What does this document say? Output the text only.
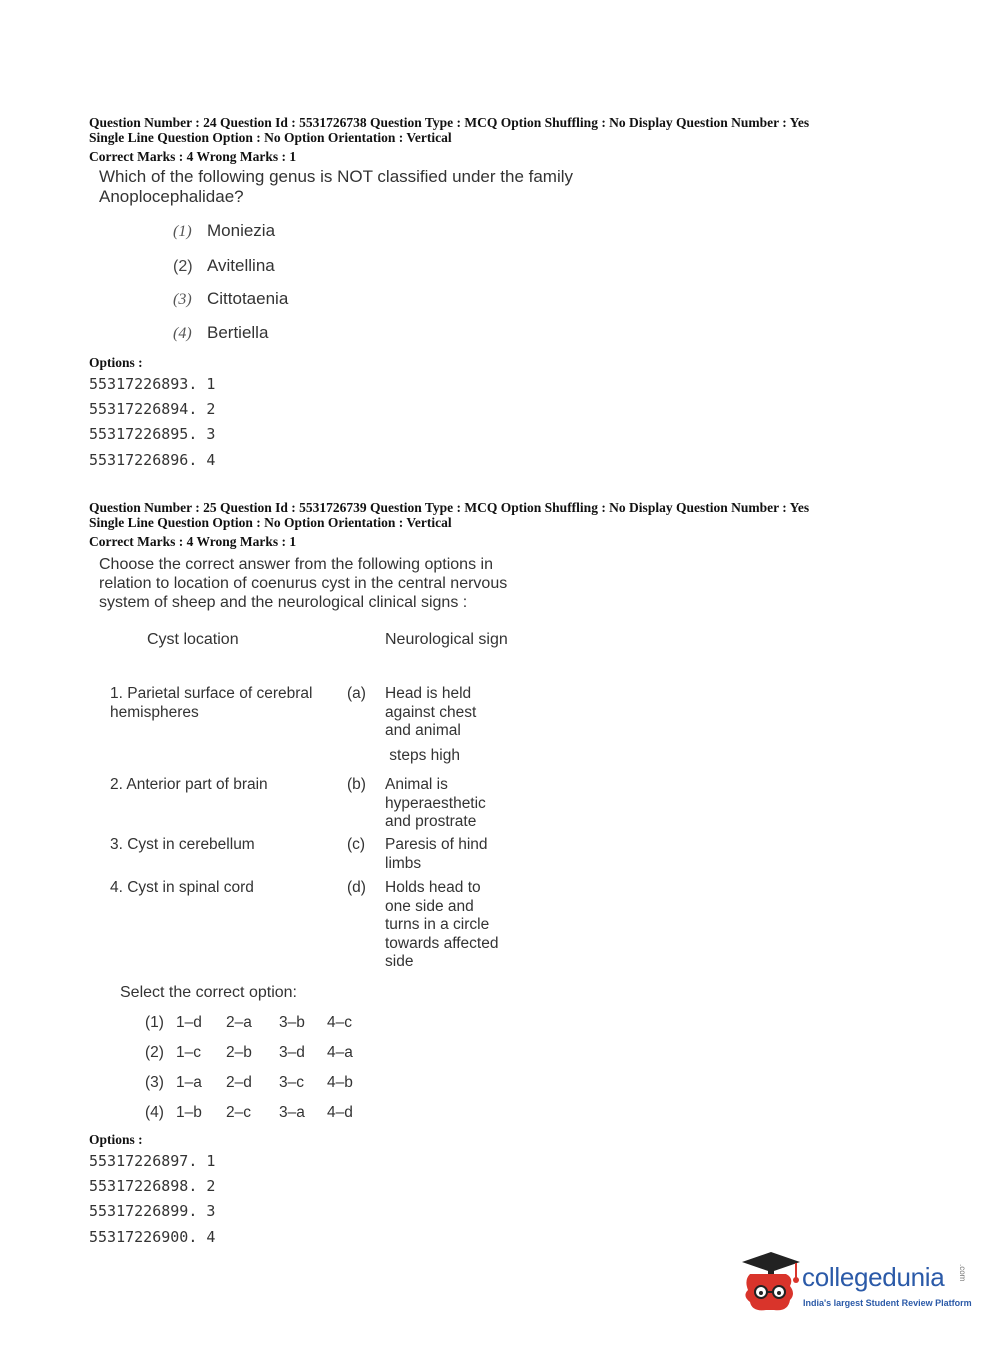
Question Number : 24 Question Id : 5531726738 Question Type : MCQ Option Shuffling : No Display Question Number : Yes
Single Line Question Option : No Option Orientation : Vertical
Correct Marks : 4 Wrong Marks : 1
Which of the following genus is NOT classified under the family
Anoplocephalidae?
(1) Moniezia
(2) Avitellina
(3) Cittotaenia
(4) Bertiella
Options :
55317226893. 1
55317226894. 2
55317226895. 3
55317226896. 4
Question Number : 25 Question Id : 5531726739 Question Type : MCQ Option Shuffling : No Display Question Number : Yes
Single Line Question Option : No Option Orientation : Vertical
Correct Marks : 4 Wrong Marks : 1
Choose the correct answer from the following options in
relation to location of coenurus cyst in the central nervous
system of sheep and the neurological clinical signs :
Cyst location	Neurological sign
1. Parietal surface of cerebral
hemispheres
(a) Head is held
against chest
and animal
steps high
2. Anterior part of brain	(b) Animal is
hyperaesthetic
and prostrate
3. Cyst in cerebellum	(c) Paresis of hind
limbs
4. Cyst in spinal cord	(d) Holds head to
one side and
turns in a circle
towards affected
side
Select the correct option:
(1) 1–d 2–a 3–b 4–c
(2) 1–c 2–b 3–d 4–a
(3) 1–a 2–d 3–c 4–b
(4) 1–b 2–c 3–a 4–d
Options :
55317226897. 1
55317226898. 2
55317226899. 3
55317226900. 4
collegedunia .com
India's largest Student Review Platform
